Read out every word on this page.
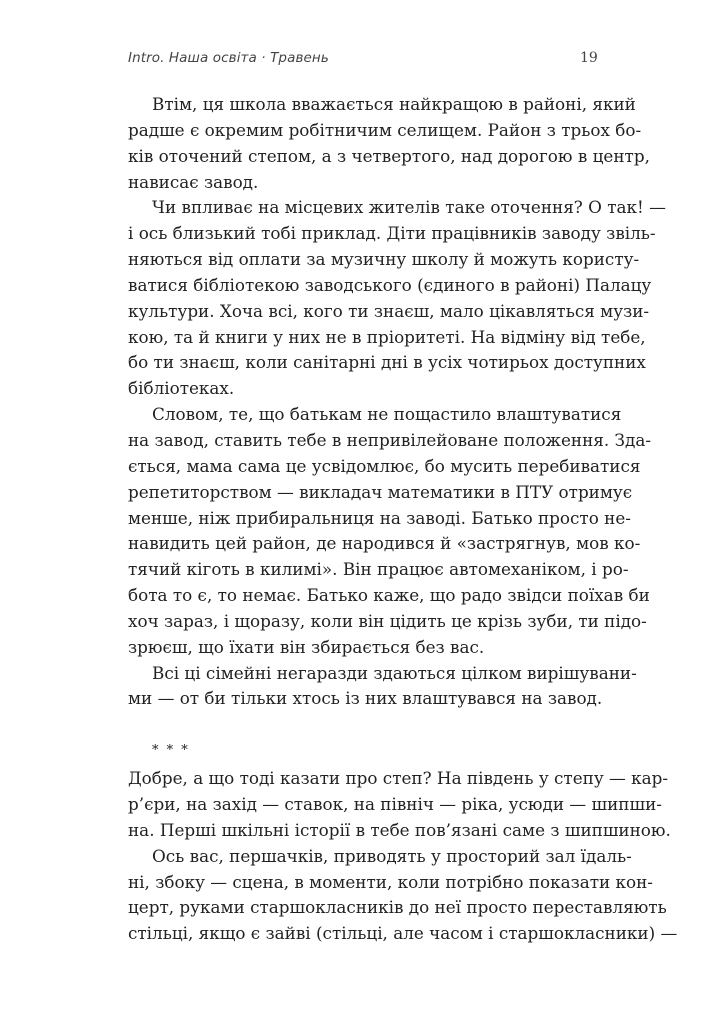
Intro. Наша освіта · Травень	19
Втім, ця школа вважається найкращою в районі, який
радше є окремим робітничим селищем. Район з трьох бо-
ків оточений степом, а з четвертого, над дорогою в центр,
нависає завод.
Чи впливає на місцевих жителів таке оточення? О так! —
і ось близький тобі приклад. Діти працівників заводу звіль-
няються від оплати за музичну школу й можуть користу-
ватися бібліотекою заводського (єдиного в районі) Палацу
культури. Хоча всі, кого ти знаєш, мало цікавляться музи-
кою, та й книги у них не в пріоритеті. На відміну від тебе,
бо ти знаєш, коли санітарні дні в усіх чотирьох доступних
бібліотеках.
Словом, те, що батькам не пощастило влаштуватися
на завод, ставить тебе в непривілейоване положення. Зда-
ється, мама сама це усвідомлює, бо мусить перебиватися
репетиторством — викладач математики в ПТУ отримує
менше, ніж прибиральниця на заводі. Батько просто не-
навидить цей район, де народився й «застрягнув, мов ко-
тячий кіготь в килимі». Він працює автомеханіком, і ро-
бота то є, то немає. Батько каже, що радо звідси поїхав би
хоч зараз, і щоразу, коли він цідить це крізь зуби, ти підо-
зрюєш, що їхати він збирається без вас.
Всі ці сімейні негаразди здаються цілком вирішувани-
ми — от би тільки хтось із них влаштувався на завод.
* * *
Добре, а що тоді казати про степ? На південь у степу — кар-
р’єри, на захід — ставок, на північ — ріка, усюди — шипши-
на. Перші шкільні історії в тебе пов’язані саме з шипшиною.
Ось вас, першачків, приводять у просторий зал їдаль-
ні, збоку — сцена, в моменти, коли потрібно показати кон-
церт, руками старшокласників до неї просто переставляють
стільці, якщо є зайві (стільці, але часом і старшокласники) —
